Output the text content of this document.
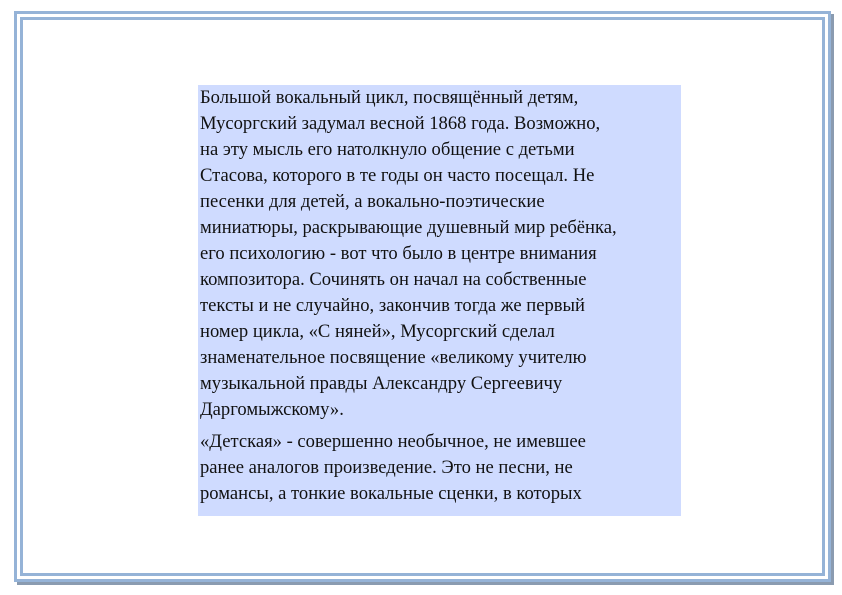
Большой вокальный цикл, посвящённый детям,
Мусоргский задумал весной 1868 года. Возможно,
на эту мысль его натолкнуло общение с детьми
Стасова, которого в те годы он часто посещал. Не
песенки для детей, а вокально-поэтические
миниатюры, раскрывающие душевный мир ребёнка,
его психологию - вот что было в центре внимания
композитора. Сочинять он начал на собственные
тексты и не случайно, закончив тогда же первый
номер цикла, «С няней», Мусоргский сделал
знаменательное посвящение «великому учителю
музыкальной правды Александру Сергеевичу
Даргомыжскому».

«Детская» - совершенно необычное, не имевшее
ранее аналогов произведение. Это не песни, не
романсы, а тонкие вокальные сценки, в которых
